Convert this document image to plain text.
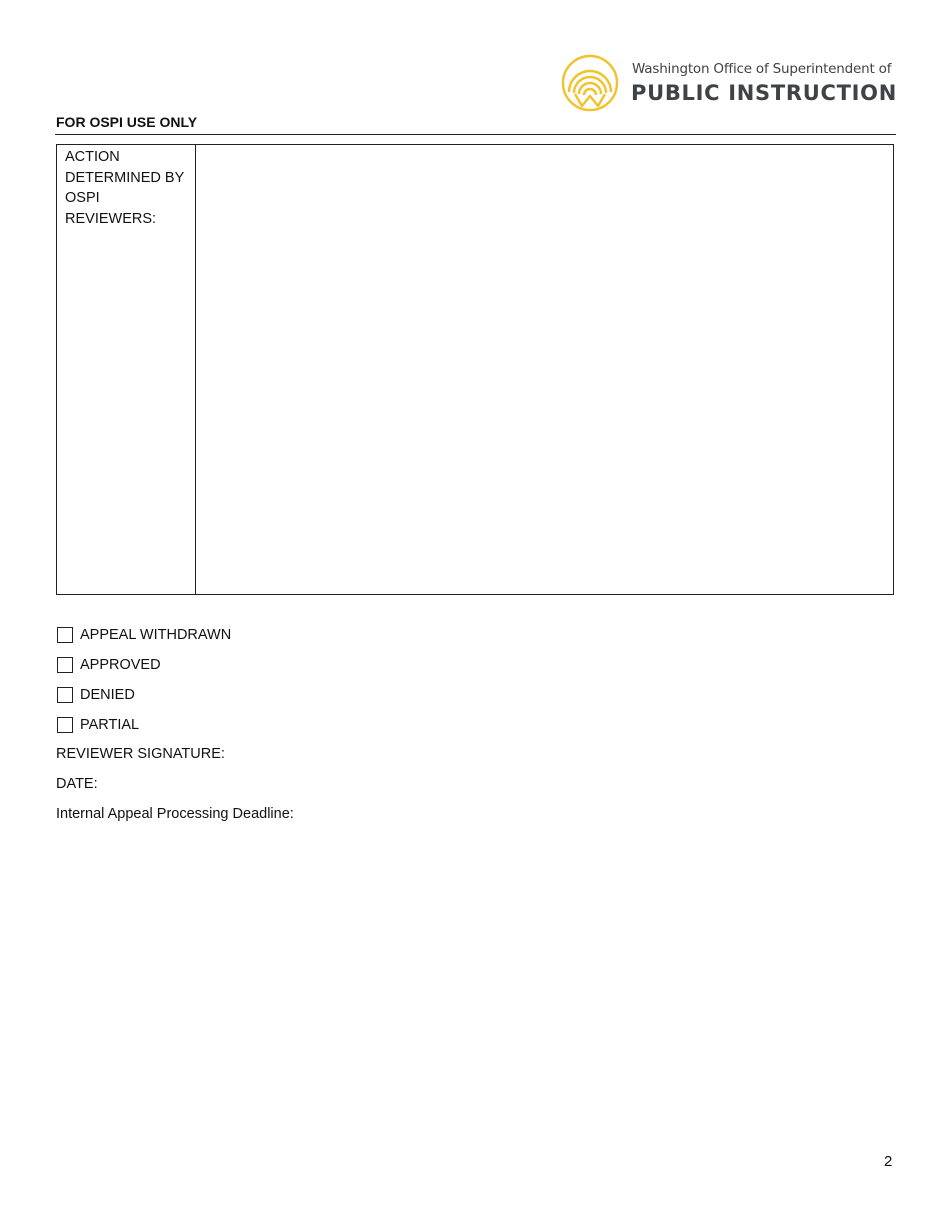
Washington Office of Superintendent of
PUBLIC INSTRUCTION
FOR OSPI USE ONLY
ACTION
DETERMINED BY
OSPI REVIEWERS:
APPEAL WITHDRAWN
APPROVED
DENIED
PARTIAL
REVIEWER SIGNATURE:
DATE:
Internal Appeal Processing Deadline:
2
